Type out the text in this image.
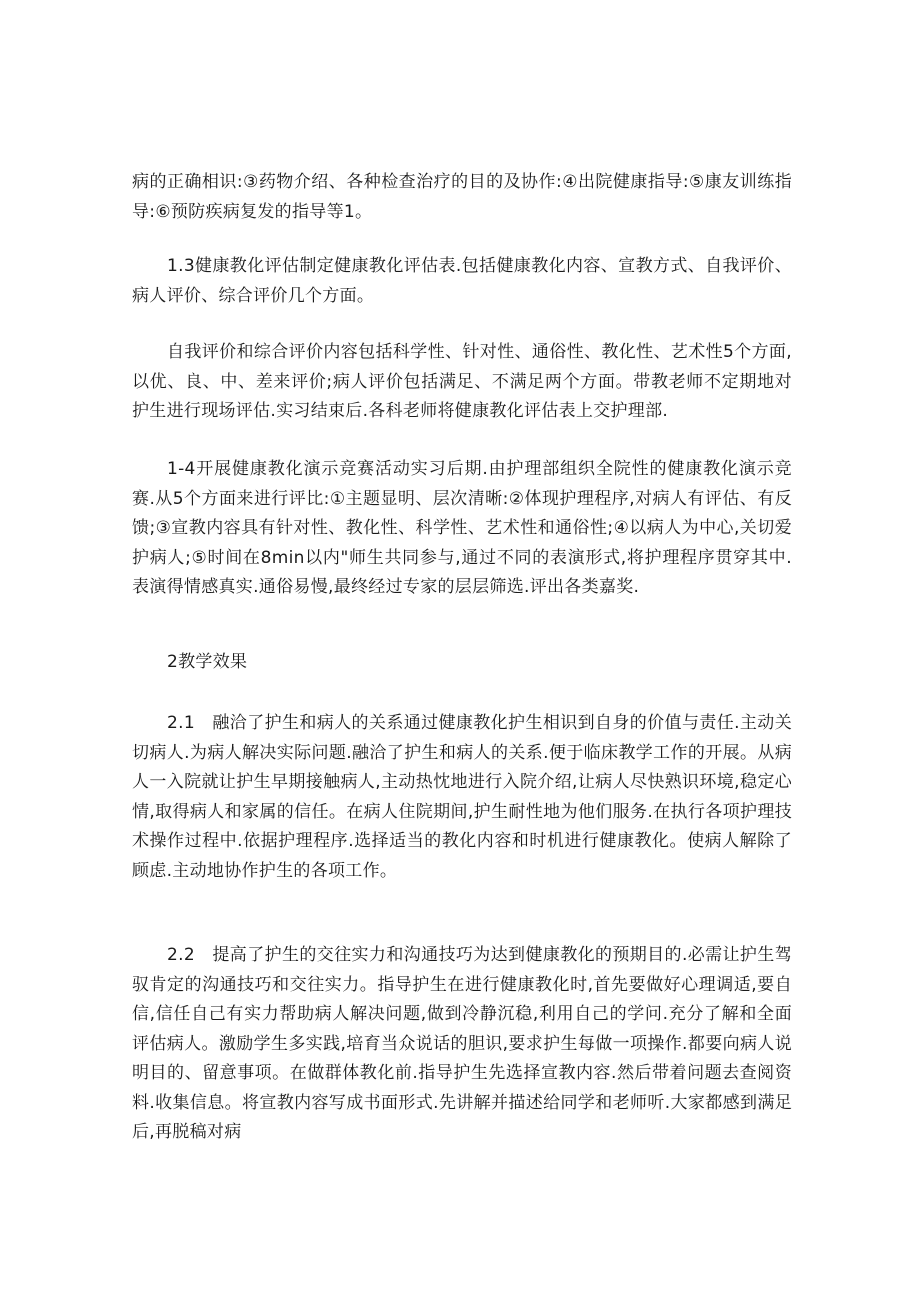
病的正确相识:③药物介绍、各种检查治疗的目的及协作:④出院健康指导:⑤康友训练指导:⑥预防疾病复发的指导等1。

1.3健康教化评估制定健康教化评估表.包括健康教化内容、宣教方式、自我评价、病人评价、综合评价几个方面。

自我评价和综合评价内容包括科学性、针对性、通俗性、教化性、艺术性5个方面,以优、良、中、差来评价;病人评价包括满足、不满足两个方面。带教老师不定期地对护生进行现场评估.实习结束后.各科老师将健康教化评估表上交护理部.

1-4开展健康教化演示竞赛活动实习后期.由护理部组织全院性的健康教化演示竞赛.从5个方面来进行评比:①主题显明、层次清晰:②体现护理程序,对病人有评估、有反馈;③宣教内容具有针对性、教化性、科学性、艺术性和通俗性;④以病人为中心,关切爱护病人;⑤时间在8min以内"师生共同参与,通过不同的表演形式,将护理程序贯穿其中.表演得情感真实.通俗易慢,最终经过专家的层层筛选.评出各类嘉奖.

2教学效果

2.1　融洽了护生和病人的关系通过健康教化护生相识到自身的价值与责任.主动关切病人.为病人解决实际问题.融洽了护生和病人的关系.便于临床教学工作的开展。从病人一入院就让护生早期接触病人,主动热忱地进行入院介绍,让病人尽快熟识环境,稳定心情,取得病人和家属的信任。在病人住院期间,护生耐性地为他们服务.在执行各项护理技术操作过程中.依据护理程序.选择适当的教化内容和时机进行健康教化。使病人解除了顾虑.主动地协作护生的各项工作。

2.2　提高了护生的交往实力和沟通技巧为达到健康教化的预期目的.必需让护生驾驭肯定的沟通技巧和交往实力。指导护生在进行健康教化时,首先要做好心理调适,要自信,信任自己有实力帮助病人解决问题,做到冷静沉稳,利用自己的学问.充分了解和全面评估病人。激励学生多实践,培育当众说话的胆识,要求护生每做一项操作.都要向病人说明目的、留意事项。在做群体教化前.指导护生先选择宣教内容.然后带着问题去查阅资料.收集信息。将宣教内容写成书面形式.先讲解并描述给同学和老师听.大家都感到满足后,再脱稿对病
